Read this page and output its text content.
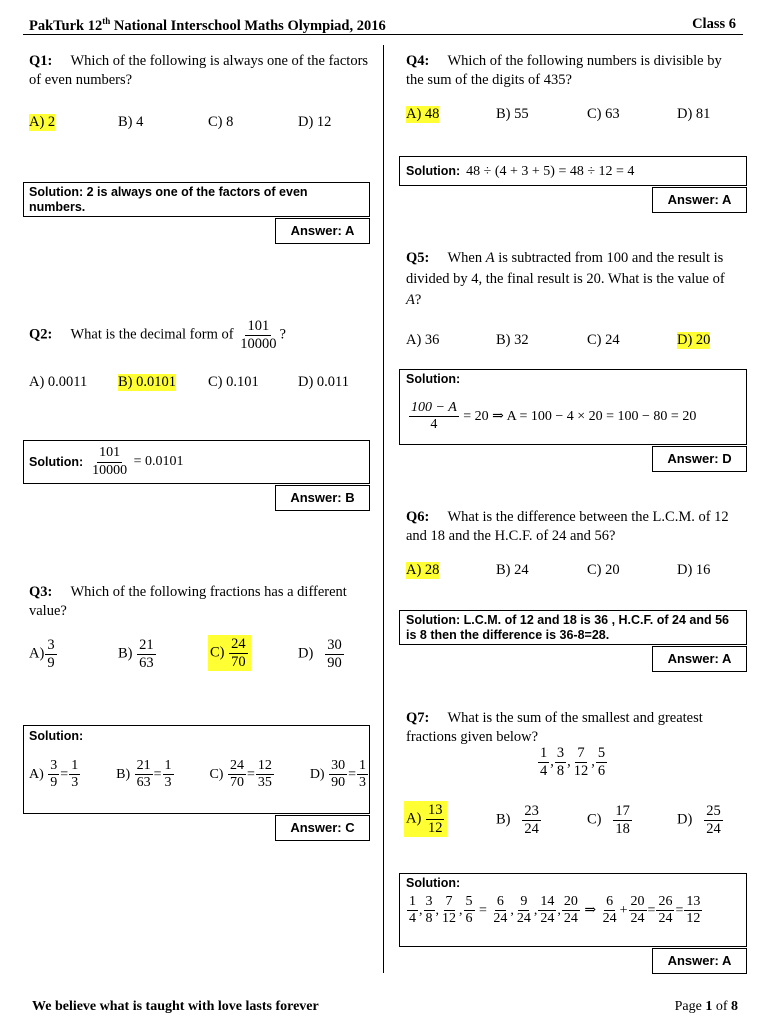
PakTurk 12th National Interschool Maths Olympiad, 2016	Class 6
Q1: Which of the following is always one of the factors of even numbers?
A) 2	B) 4	C) 8	D) 12
Solution: 2 is always one of the factors of even numbers.
Answer: A
Q2: What is the decimal form of $\frac{101}{10000}$ ?
A) 0.0011 B) 0.0101 C) 0.101	D) 0.011
Solution: $\frac{101}{10000} = 0.0101$
Answer: B
Q3: Which of the following fractions has a different value?
$A) \frac{3}{9}$	$B) \frac{21}{63}$	$C) \frac{24}{70}$	$D) \frac{30}{90}$
Solution:
$A) \frac{3}{9} = \frac{1}{3}$	$B) \frac{21}{63} = \frac{1}{3}$	$C) \frac{24}{70} = \frac{12}{35}$	$D) \frac{30}{90} = \frac{1}{3}$
Answer: C
Q4: Which of the following numbers is divisible by the sum of the digits of 435?
A) 48	B) 55	C) 63	D) 81
Solution: 48 ÷ (4 + 3 + 5) = 48 ÷ 12 = 4
Answer: A
Q5: When A is subtracted from 100 and the result is divided by 4, the final result is 20. What is the value of A?
A) 36	B) 32	C) 24	D) 20
Solution:
$\frac{100 - A}{4} = 20$ ⇒ A = 100 − 4 × 20 = 100 − 80 = 20
Answer: D
Q6: What is the difference between the L.C.M. of 12 and 18 and the H.C.F. of 24 and 56?
A) 28	B) 24	C) 20	D) 16
Solution: L.C.M. of 12 and 18 is 36 , H.C.F. of 24 and 56 is 8 then the difference is 36-8=28.
Answer: A
Q7: What is the sum of the smallest and greatest fractions given below?
$\frac{1}{4}$ , $\frac{3}{8}$ , $\frac{7}{12}$ , $\frac{5}{6}$
$A) \frac{13}{12}$	$B) \frac{23}{24}$	$C) \frac{17}{18}$	$D) \frac{25}{24}$
Solution:
$\frac{1}{4}$ , $\frac{3}{8}$ , $\frac{7}{12}$ , $\frac{5}{6} = \frac{6}{24}$ , $\frac{9}{24}$ , $\frac{14}{24}$ , $\frac{20}{24}$ ⇒ $\frac{6}{24} + \frac{20}{24} = \frac{26}{24} = \frac{13}{12}$
Answer: A
We believe what is taught with love lasts forever	Page 1 of 8
